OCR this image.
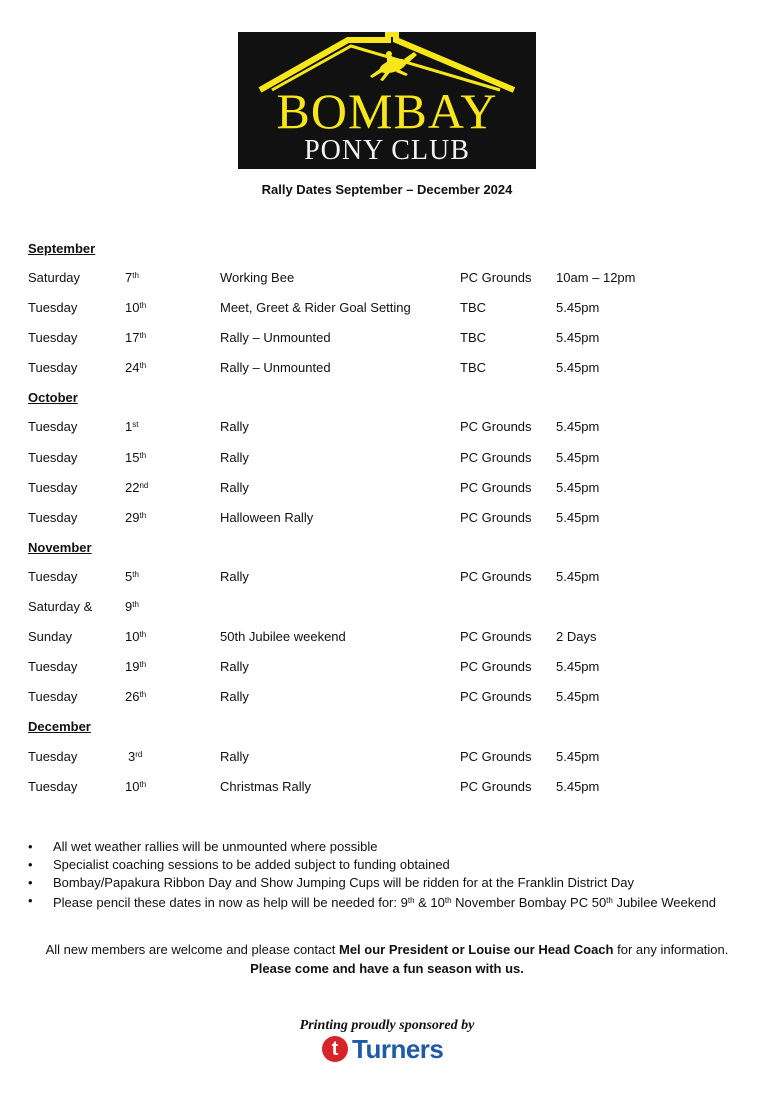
BOMBAY
PONY CLUB
Rally Dates September – December 2024
September
Saturday	7th	Working Bee	PC Grounds 10am – 12pm
Tuesday	10th	Meet, Greet & Rider Goal Setting	TBC	5.45pm
Tuesday	17th	Rally – Unmounted	TBC	5.45pm
Tuesday	24th	Rally – Unmounted	TBC	5.45pm
October
Tuesday	1st	Rally	PC Grounds 5.45pm
Tuesday	15th	Rally	PC Grounds 5.45pm
Tuesday	22nd	Rally	PC Grounds 5.45pm
Tuesday	29th	Halloween Rally	PC Grounds 5.45pm
November
Tuesday	5th	Rally	PC Grounds 5.45pm
Saturday &	9th
Sunday	10th	50th Jubilee weekend	PC Grounds 2 Days
Tuesday	19th	Rally	PC Grounds 5.45pm
Tuesday	26th	Rally	PC Grounds 5.45pm
December
Tuesday	3rd	Rally	PC Grounds 5.45pm
Tuesday	10th	Christmas Rally	PC Grounds 5.45pm
• All wet weather rallies will be unmounted where possible
• Specialist coaching sessions to be added subject to funding obtained
• Bombay/Papakura Ribbon Day and Show Jumping Cups will be ridden for at the Franklin District Day
• Please pencil these dates in now as help will be needed for: 9th & 10th November Bombay PC 50th Jubilee Weekend
All new members are welcome and please contact Mel our President or Louise our Head Coach for any information.
Please come and have a fun season with us.
Printing proudly sponsored by
t Turners
